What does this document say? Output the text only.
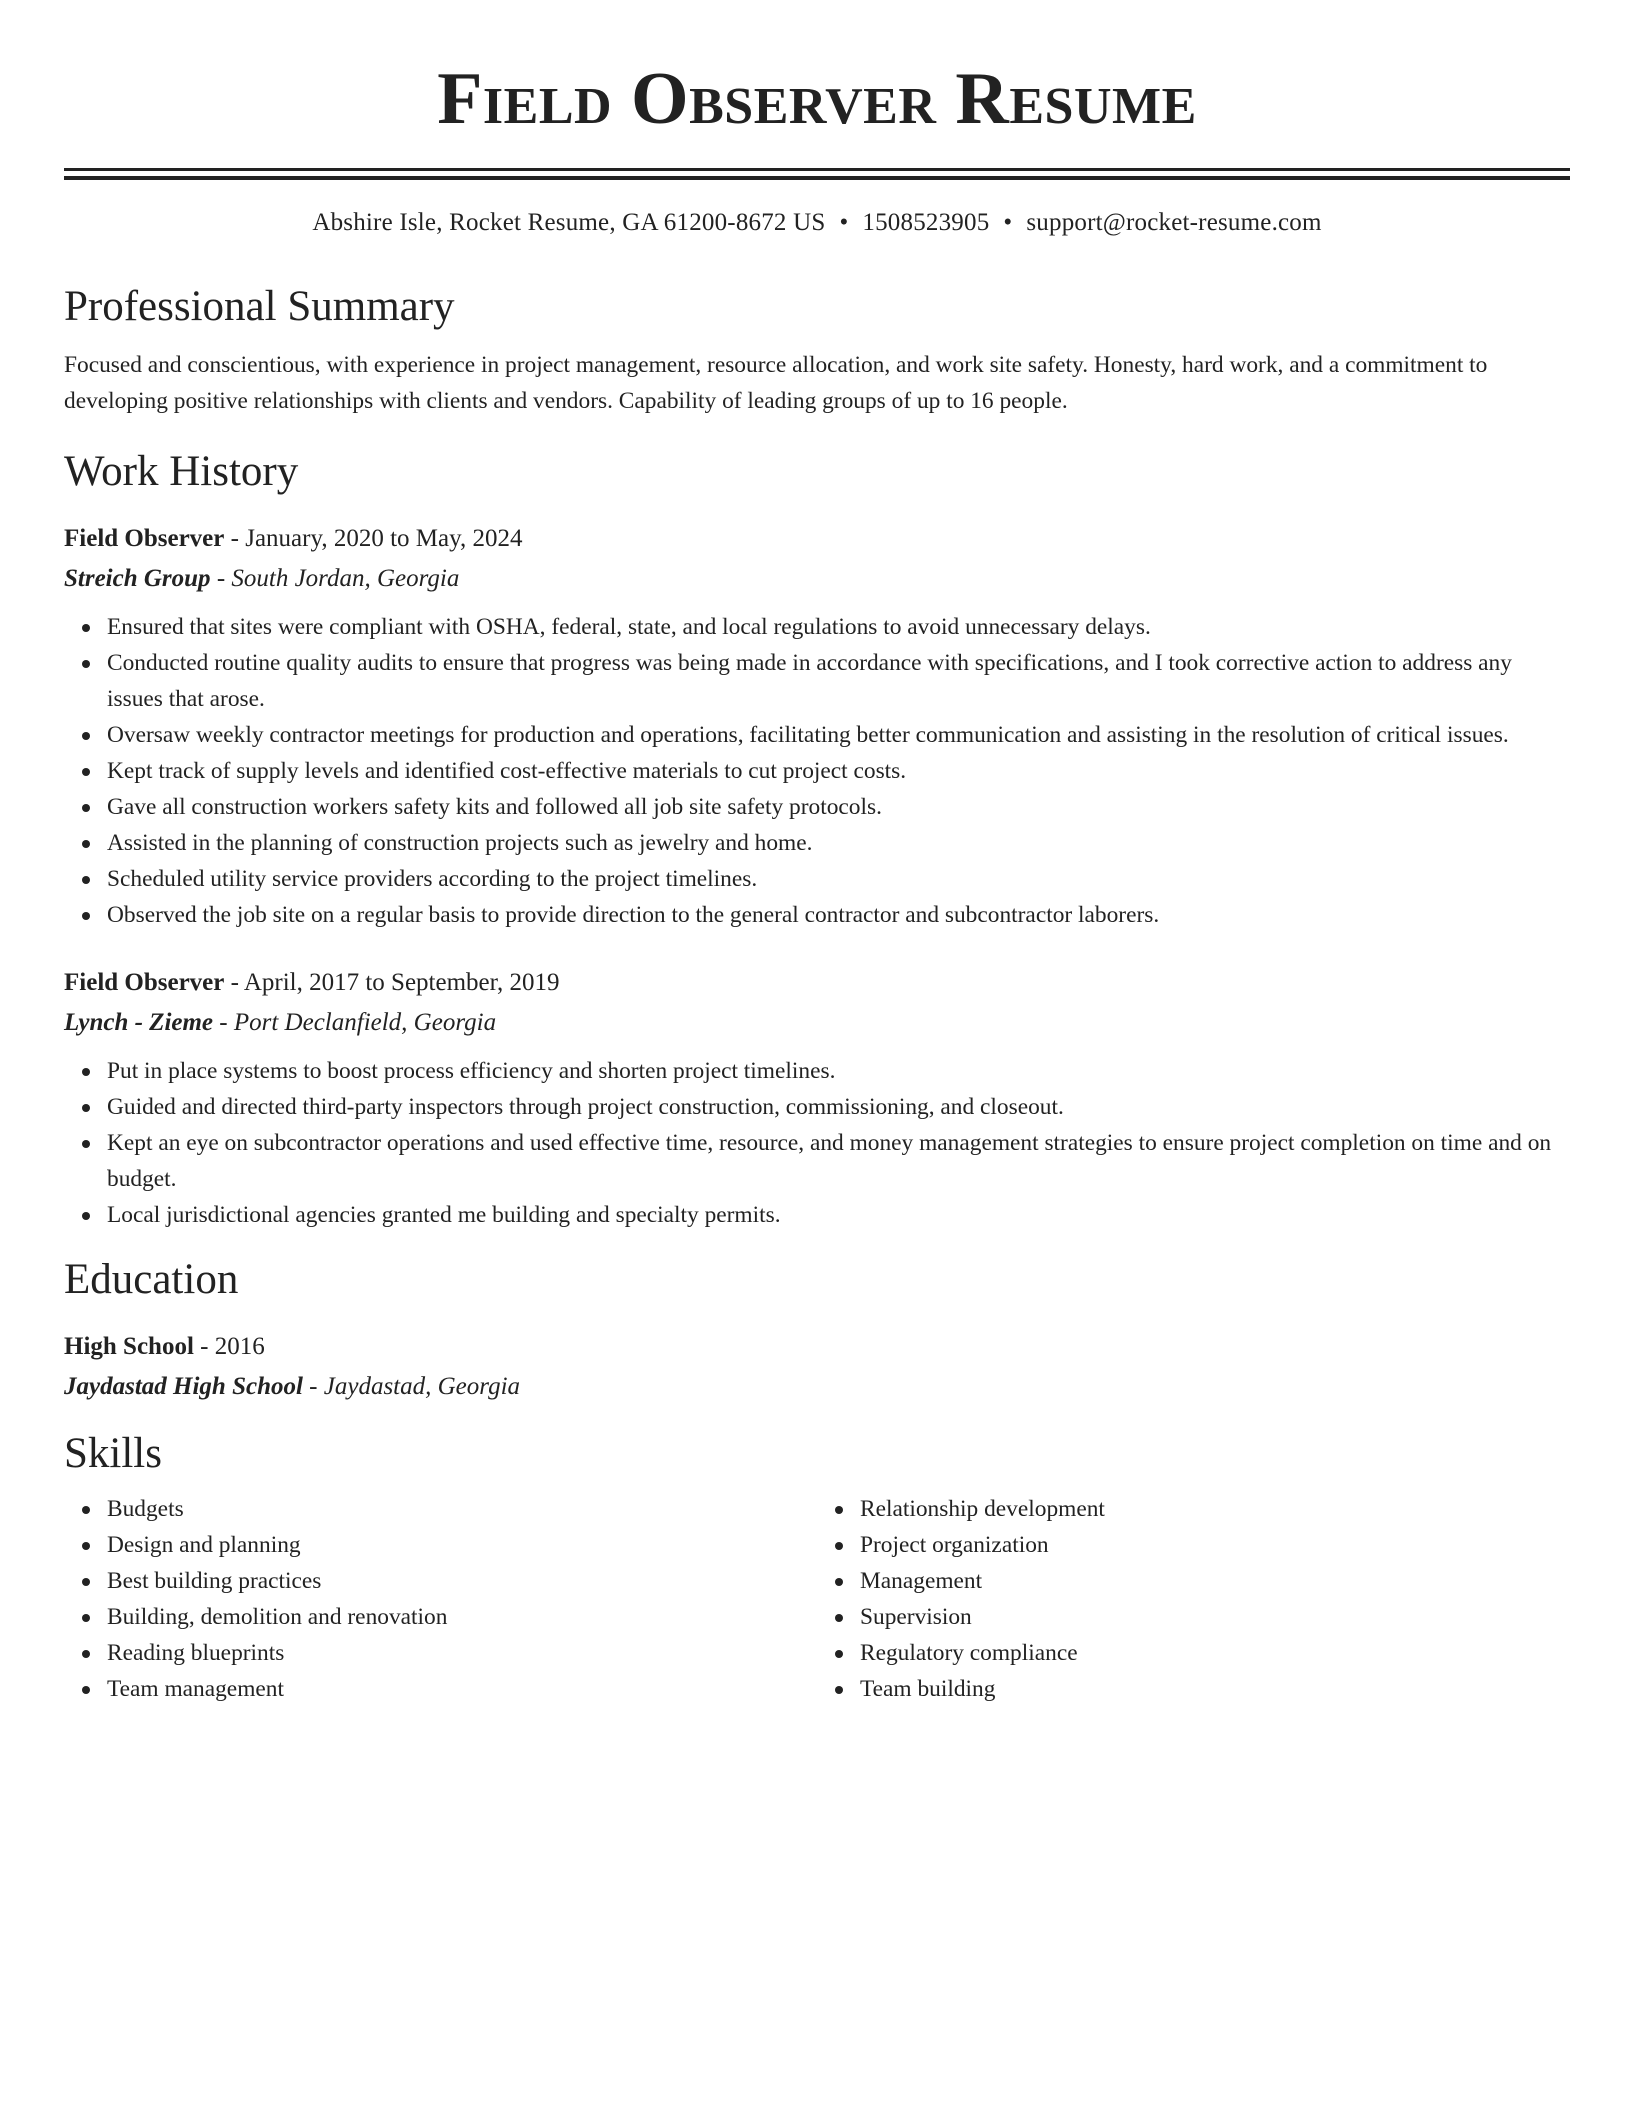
Field Observer Resume
Abshire Isle, Rocket Resume, GA 61200-8672 US • 1508523905 • support@rocket-resume.com
Professional Summary

Focused and conscientious, with experience in project management, resource allocation, and work site safety. Honesty, hard work, and a commitment to developing positive relationships with clients and vendors. Capability of leading groups of up to 16 people.

Work History
Field Observer - January, 2020 to May, 2024
Streich Group - South Jordan, Georgia
Ensured that sites were compliant with OSHA, federal, state, and local regulations to avoid unnecessary delays.
Conducted routine quality audits to ensure that progress was being made in accordance with specifications, and I took corrective action to address any issues that arose.
Oversaw weekly contractor meetings for production and operations, facilitating better communication and assisting in the resolution of critical issues.
Kept track of supply levels and identified cost-effective materials to cut project costs.
Gave all construction workers safety kits and followed all job site safety protocols.
Assisted in the planning of construction projects such as jewelry and home.
Scheduled utility service providers according to the project timelines.
Observed the job site on a regular basis to provide direction to the general contractor and subcontractor laborers.
Field Observer - April, 2017 to September, 2019
Lynch - Zieme - Port Declanfield, Georgia
Put in place systems to boost process efficiency and shorten project timelines.
Guided and directed third-party inspectors through project construction, commissioning, and closeout.
Kept an eye on subcontractor operations and used effective time, resource, and money management strategies to ensure project completion on time and on budget.
Local jurisdictional agencies granted me building and specialty permits.
Education
High School - 2016
Jaydastad High School - Jaydastad, Georgia
Skills
Budgets
Design and planning
Best building practices
Building, demolition and renovation
Reading blueprints
Team management
Relationship development
Project organization
Management
Supervision
Regulatory compliance
Team building
